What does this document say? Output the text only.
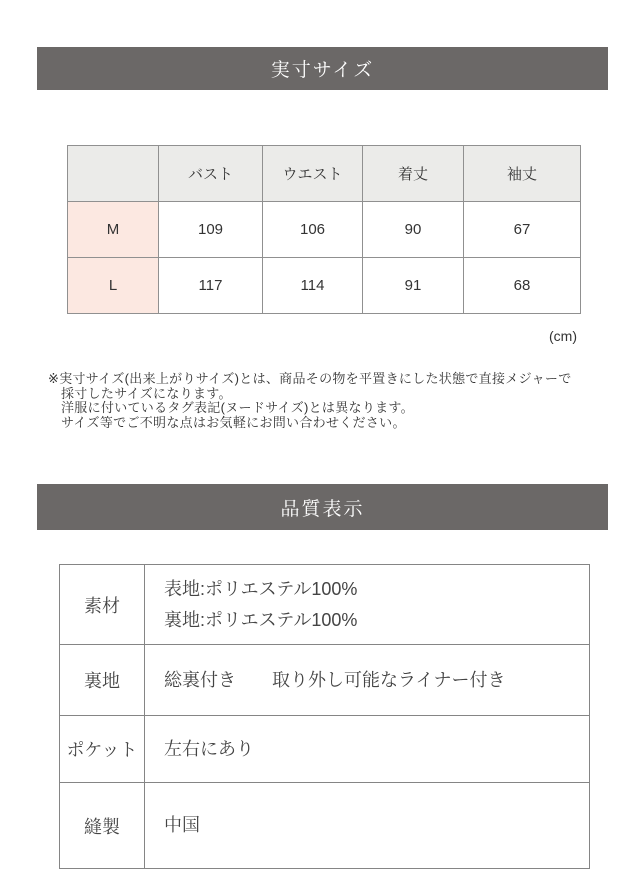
実寸サイズ
	バスト	ウエスト	着丈	袖丈
M	109	106	90	67
L	117	114	91	68
(cm)
※実寸サイズ(出来上がりサイズ)とは、商品その物を平置きにした状態で直接メジャーで
採寸したサイズになります。
洋服に付いているタグ表記(ヌードサイズ)とは異なります。
サイズ等でご不明な点はお気軽にお問い合わせください。
品質表示
素材	表地:ポリエステル100%
裏地:ポリエステル100%

裏地	総裏付き　　取り外し可能なライナー付き

ポケット	左右にあり

縫製	中国
